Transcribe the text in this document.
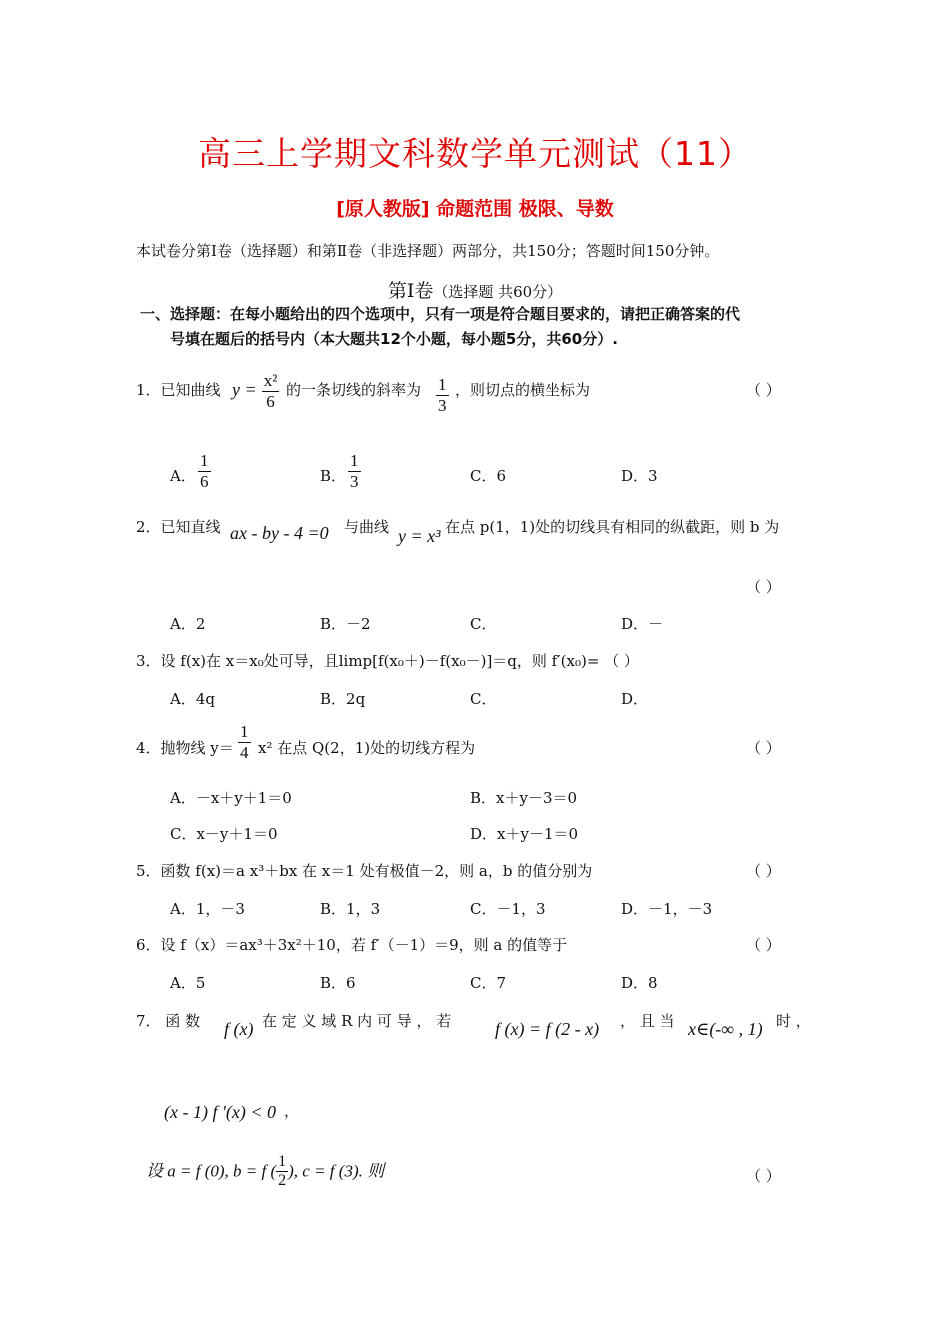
高三上学期文科数学单元测试（11）
[原人教版] 命题范围 极限、导数
本试卷分第Ⅰ卷（选择题）和第Ⅱ卷（非选择题）两部分，共150分；答题时间150分钟。
第Ⅰ卷（选择题 共60分）
一、选择题：在每小题给出的四个选项中，只有一项是符合题目要求的，请把正确答案的代
号填在题后的括号内（本大题共12个小题，每小题5分，共60分）.
1．已知曲线 $y = \frac{\text{x²}}{6}$ 的一条切线的斜率为 $\frac{1}{3}$ ，则切点的横坐标为	（ ）
A． $\frac{1}{6}$	B． $\frac{1}{3}$	C．6	D．3
2．已知直线 ax - by - 4 =0 与曲线 y = x³ 在点 p(1，1)处的切线具有相同的纵截距，则 b 为
（ ）
A．2	B．－2	C．	D．－
3．设 f(x)在 x＝x₀处可导，且limp[f(x₀＋)－f(x₀－)]＝q，则 f′(x₀)= （ ）
A．4q	B．2q	C．	D．
4．抛物线 $y= \frac{1}{4} x^2$ 在点 Q(2，1)处的切线方程为	（ ）
A．－x＋y＋1＝0	B．x＋y－3＝0
C．x－y＋1＝0	D．x＋y－1＝0
5．函数 f(x)＝a x³＋bx 在 x＝1 处有极值－2，则 a，b 的值分别为	（ ）
A．1，－3	B．1，3	C．－1，3	D．－1，－3
6．设 f（x）＝ax³＋3x²＋10，若 f′（－1）＝9，则 a 的值等于	（ ）
A．5	B．6	C．7	D．8
7． 函 数 f (x) 在 定 义 域 R 内 可 导 ， 若 f (x) = f (2 - x) ， 且 当 x∈(-∞ , 1) 时 ，
(x - 1) f ′(x) < 0 ，
设 a = f (0), b = f ( $\frac{1}{2}$ ), c = f (3). 则	（ ）
